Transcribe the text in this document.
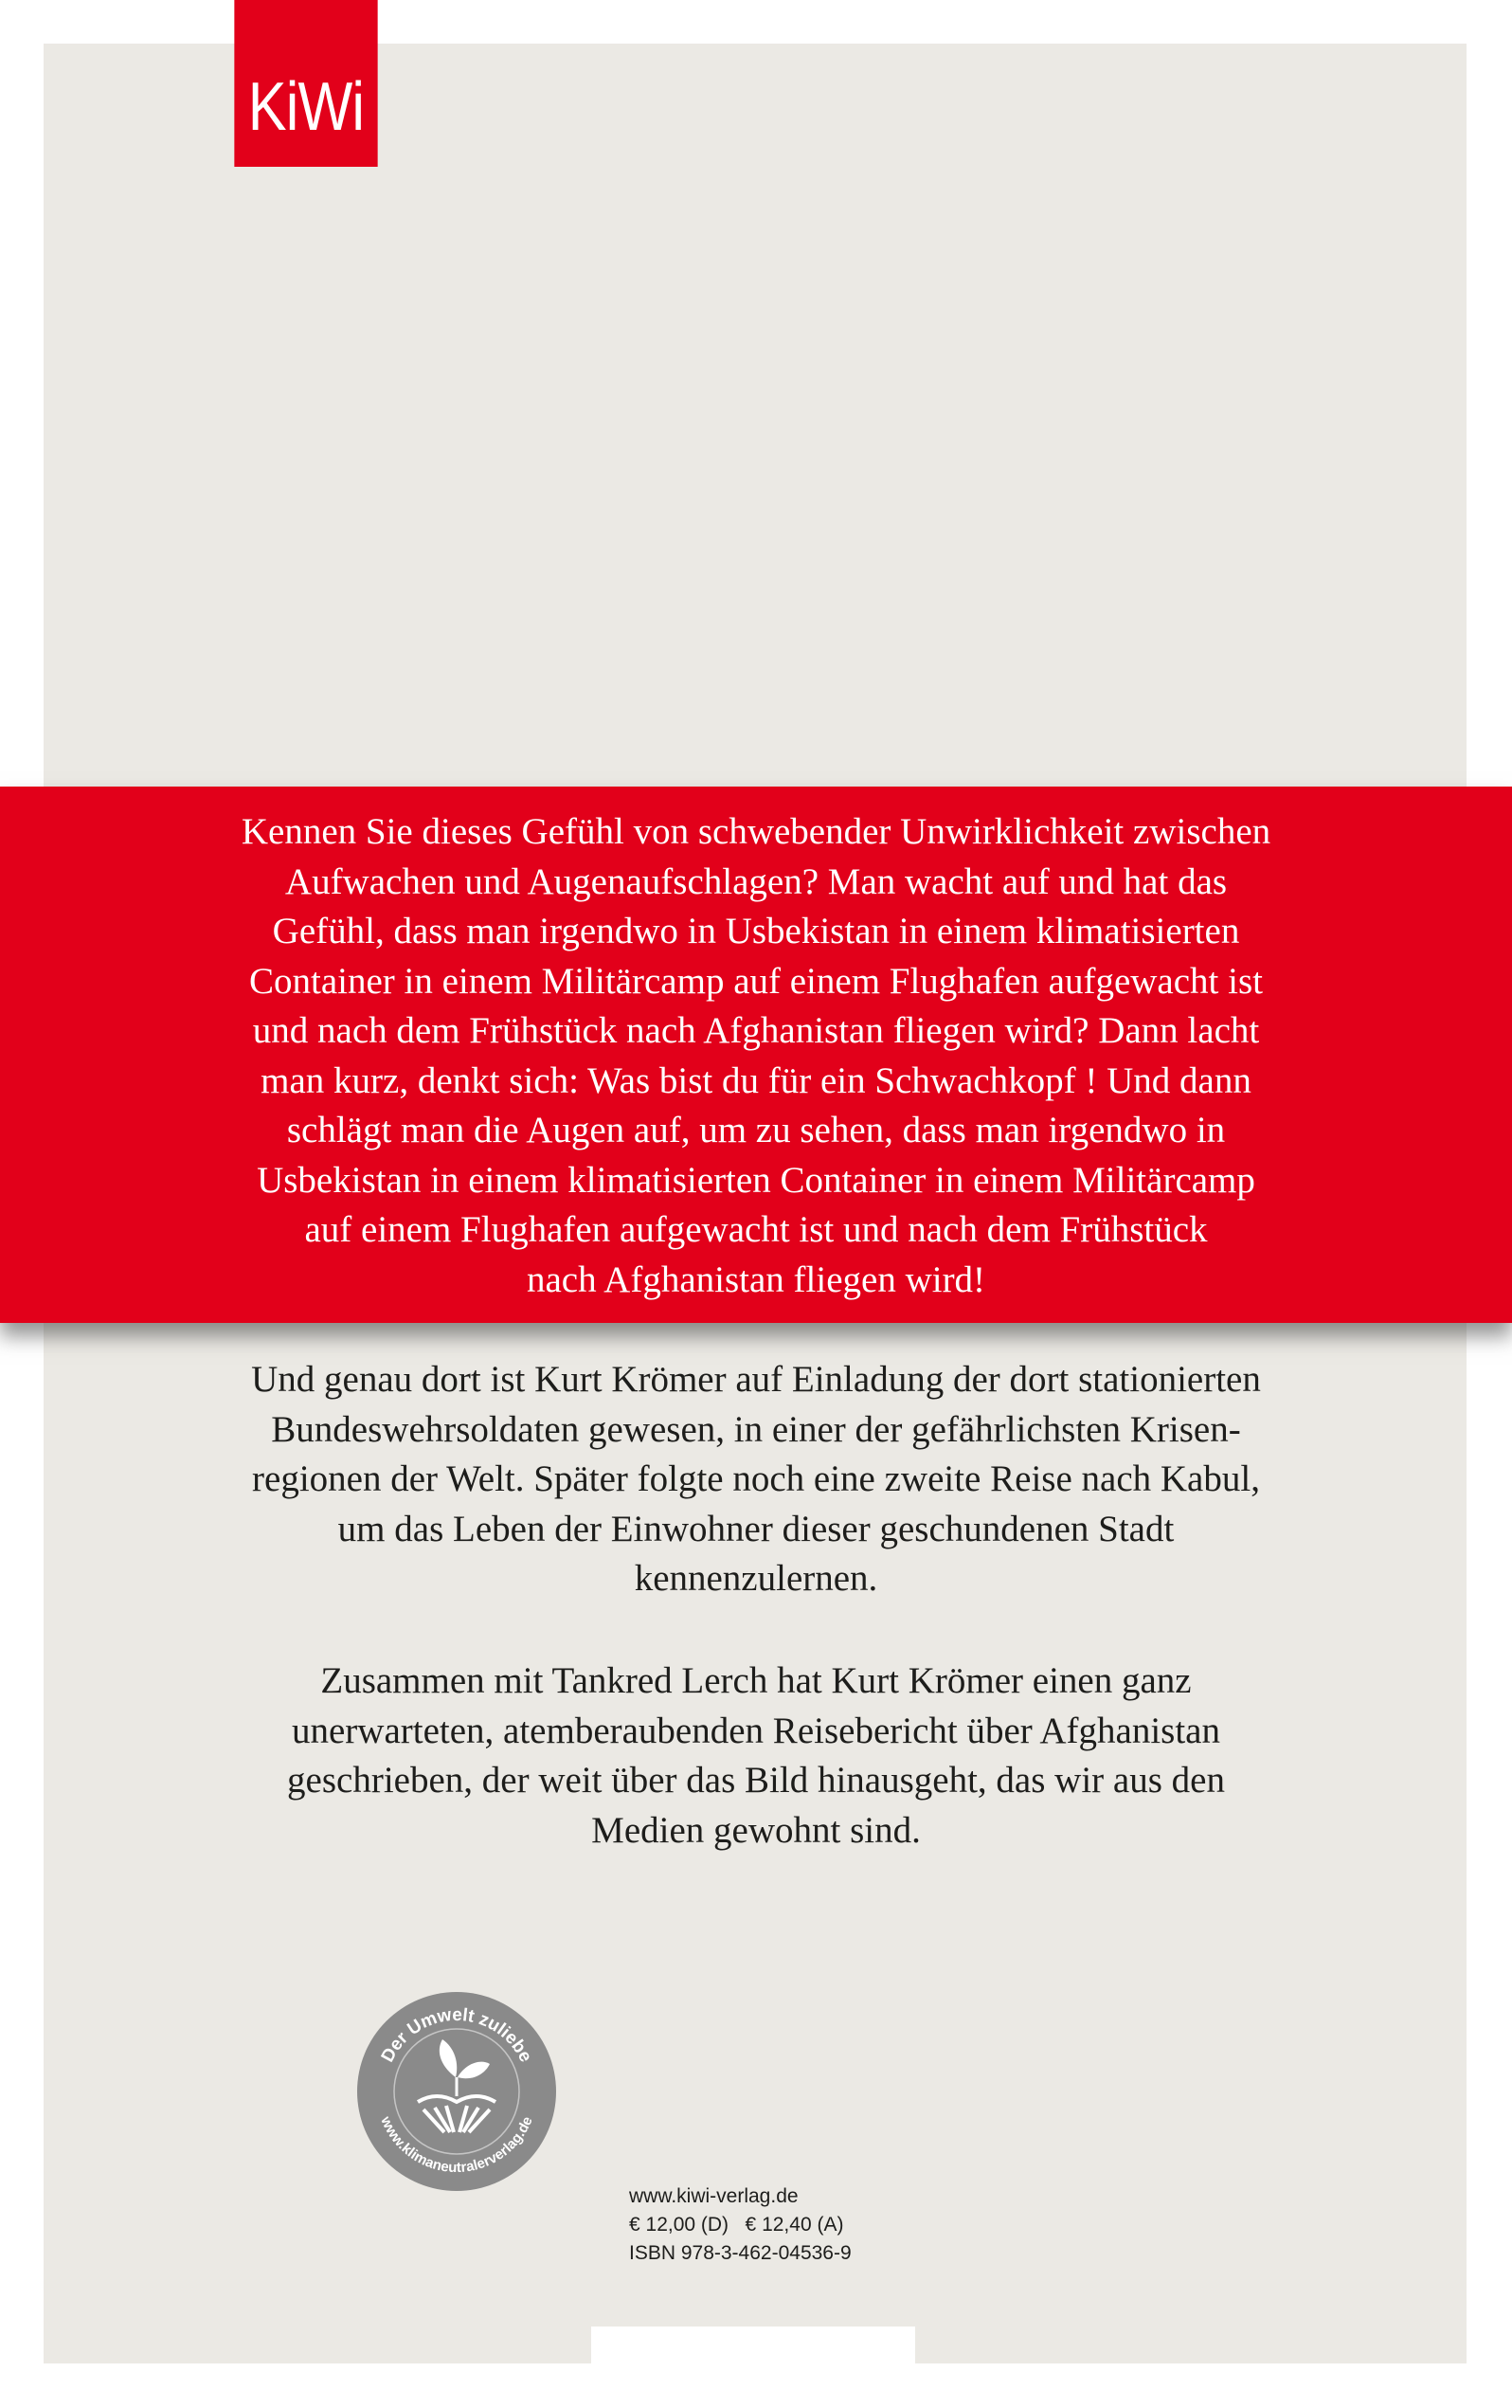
KiWi
Kennen Sie dieses Gefühl von schwebender Unwirklichkeit zwischen
Aufwachen und Augenaufschlagen? Man wacht auf und hat das
Gefühl, dass man irgendwo in Usbekistan in einem klimatisierten
Container in einem Militärcamp auf einem Flughafen aufgewacht ist
und nach dem Frühstück nach Afghanistan fliegen wird? Dann lacht
man kurz, denkt sich: Was bist du für ein Schwachkopf ! Und dann
schlägt man die Augen auf, um zu sehen, dass man irgendwo in
Usbekistan in einem klimatisierten Container in einem Militärcamp
auf einem Flughafen aufgewacht ist und nach dem Frühstück
nach Afghanistan fliegen wird!
Und genau dort ist Kurt Krömer auf Einladung der dort stationierten
Bundeswehrsoldaten gewesen, in einer der gefährlichsten Krisen-
regionen der Welt. Später folgte noch eine zweite Reise nach Kabul,
um das Leben der Einwohner dieser geschundenen Stadt
kennenzulernen.
Zusammen mit Tankred Lerch hat Kurt Krömer einen ganz
unerwarteten, atemberaubenden Reisebericht über Afghanistan
geschrieben, der weit über das Bild hinausgeht, das wir aus den
Medien gewohnt sind.
Der Umwelt zuliebe
www.klimaneutralerverlag.de
www.kiwi-verlag.de
€ 12,00 (D)   € 12,40 (A)
ISBN 978-3-462-04536-9
